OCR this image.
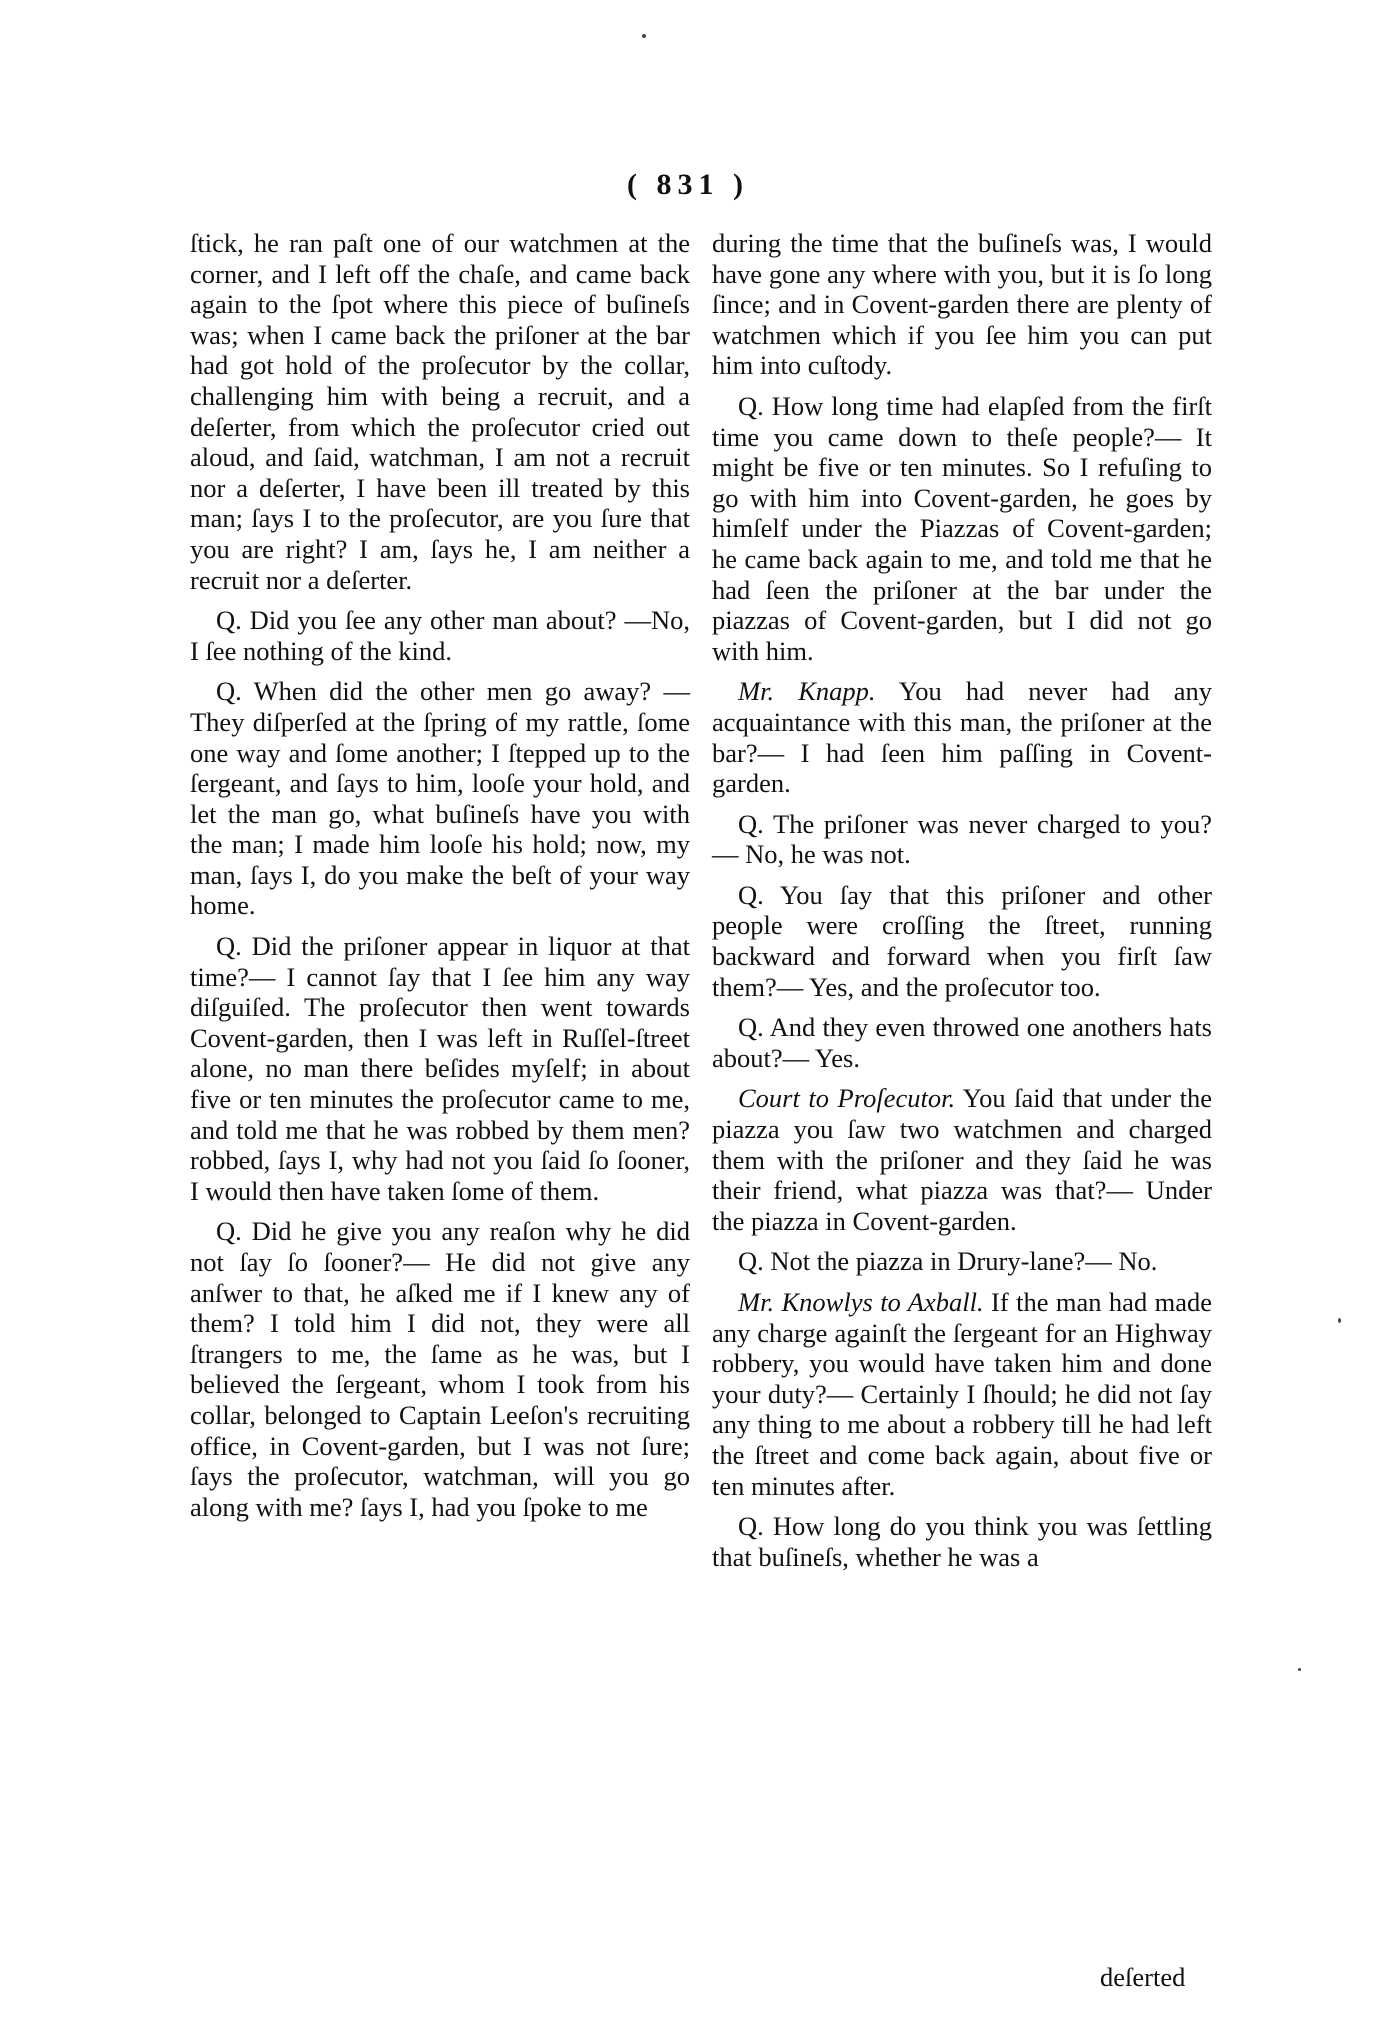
( 831 )

ſtick, he ran paſt one of our watchmen at the corner, and I left off the chaſe, and came back again to the ſpot where this piece of buſineſs was; when I came back the priſoner at the bar had got hold of the proſecutor by the collar, challenging him with being a recruit, and a deſerter, from which the proſecutor cried out aloud, and ſaid, watchman, I am not a recruit nor a deſerter, I have been ill treated by this man; ſays I to the proſecutor, are you ſure that you are right? I am, ſays he, I am neither a recruit nor a deſerter.

Q. Did you ſee any other man about? —No, I ſee nothing of the kind.

Q. When did the other men go away? — They diſperſed at the ſpring of my rattle, ſome one way and ſome another; I ſtepped up to the ſergeant, and ſays to him, looſe your hold, and let the man go, what buſineſs have you with the man; I made him looſe his hold; now, my man, ſays I, do you make the beſt of your way home.

Q. Did the priſoner appear in liquor at that time?— I cannot ſay that I ſee him any way diſguiſed. The proſecutor then went towards Covent-garden, then I was left in Ruſſel-ſtreet alone, no man there beſides myſelf; in about five or ten minutes the proſecutor came to me, and told me that he was robbed by them men? robbed, ſays I, why had not you ſaid ſo ſooner, I would then have taken ſome of them.

Q. Did he give you any reaſon why he did not ſay ſo ſooner?— He did not give any anſwer to that, he aſked me if I knew any of them? I told him I did not, they were all ſtrangers to me, the ſame as he was, but I believed the ſergeant, whom I took from his collar, belonged to Captain Leeſon's recruiting office, in Covent-garden, but I was not ſure; ſays the proſecutor, watchman, will you go along with me? ſays I, had you ſpoke to me

during the time that the buſineſs was, I would have gone any where with you, but it is ſo long ſince; and in Covent-garden there are plenty of watchmen which if you ſee him you can put him into cuſtody.

Q. How long time had elapſed from the firſt time you came down to theſe people?— It might be five or ten minutes. So I refuſing to go with him into Covent-garden, he goes by himſelf under the Piazzas of Covent-garden; he came back again to me, and told me that he had ſeen the priſoner at the bar under the piazzas of Covent-garden, but I did not go with him.

Mr. Knapp. You had never had any acquaintance with this man, the priſoner at the bar?— I had ſeen him paſſing in Covent-garden.

Q. The priſoner was never charged to you?— No, he was not.

Q. You ſay that this priſoner and other people were croſſing the ſtreet, running backward and forward when you firſt ſaw them?— Yes, and the proſecutor too.

Q. And they even throwed one anothers hats about?— Yes.

Court to Proſecutor. You ſaid that under the piazza you ſaw two watchmen and charged them with the priſoner and they ſaid he was their friend, what piazza was that?— Under the piazza in Covent-garden.

Q. Not the piazza in Drury-lane?— No.

Mr. Knowlys to Axball. If the man had made any charge againſt the ſergeant for an Highway robbery, you would have taken him and done your duty?— Certainly I ſhould; he did not ſay any thing to me about a robbery till he had left the ſtreet and come back again, about five or ten minutes after.

Q. How long do you think you was ſettling that buſineſs, whether he was a

deſerted
